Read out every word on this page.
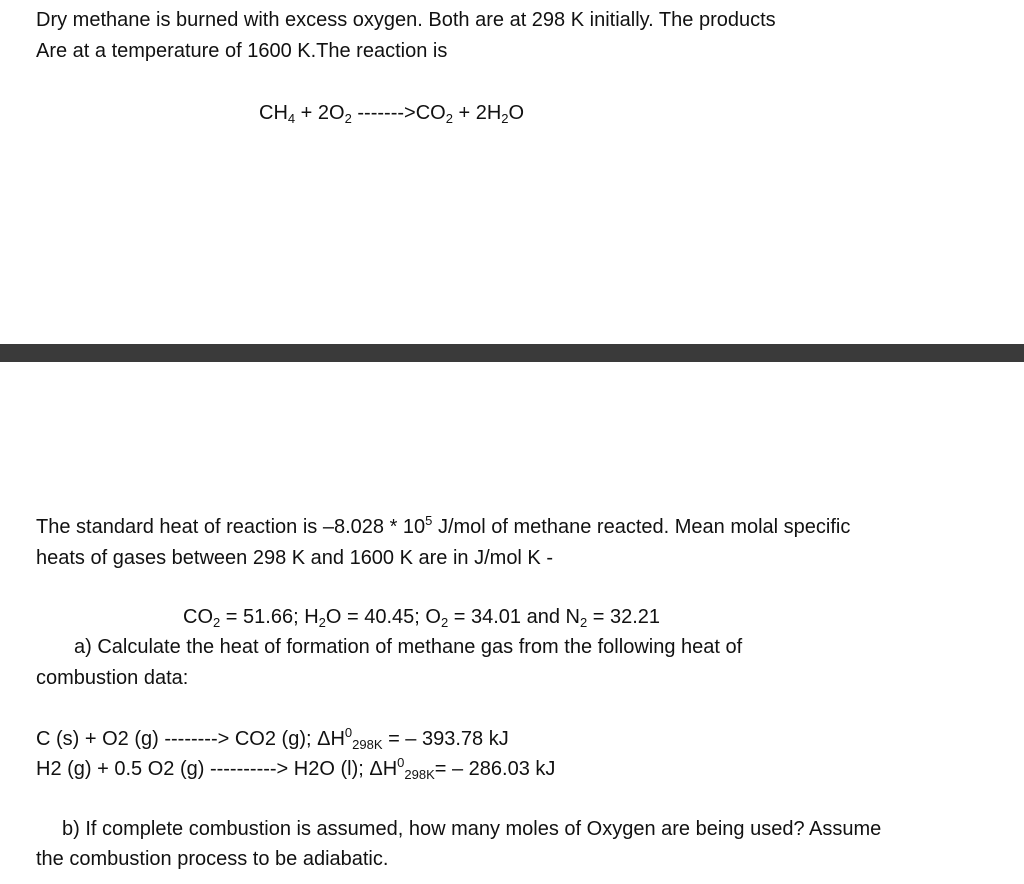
Dry methane is burned with excess oxygen. Both are at 298 K initially. The products
Are at a temperature of 1600 K.The reaction is
$CH_4 + 2O_2$ $------->CO_2 + 2H_2O$
The standard heat of reaction is $-8.028 * 10^5$ J/mol of methane reacted. Mean molal specific
heats of gases between 298 K and 1600 K are in J/mol K -
$CO_2 = 51.66$; $H_2O = 40.45$; $O_2 = 34.01$ and $N_2 = 32.21$
a) Calculate the heat of formation of methane gas from the following heat of
combustion data:
C (s) + O2 (g) --------> CO2 (g); $\Delta H^0_{298K}$ = – 393.78 kJ
H2 (g) + 0.5 O2 (g) ----------> H2O (l); $\Delta H^0_{298K}= - 286.03$ kJ
b) If complete combustion is assumed, how many moles of Oxygen are being used? Assume
the combustion process to be adiabatic.
